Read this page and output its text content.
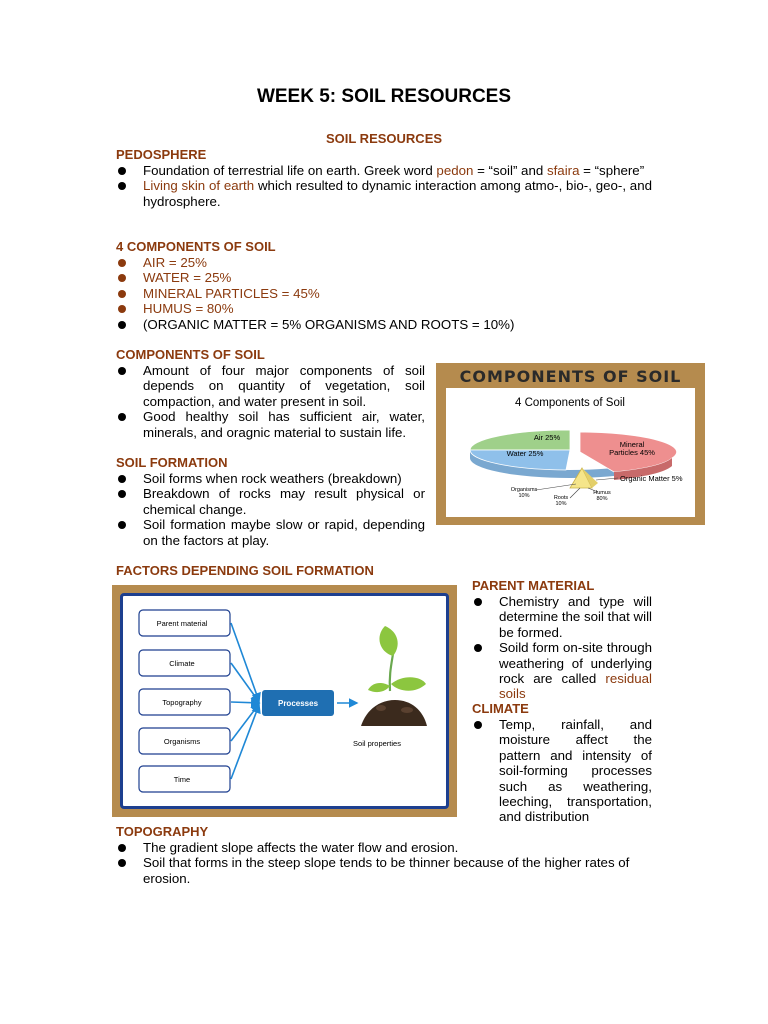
WEEK 5: SOIL RESOURCES
SOIL RESOURCES
PEDOSPHERE
Foundation of terrestrial life on earth. Greek word pedon = “soil” and sfaira = “sphere”
Living skin of earth which resulted to dynamic interaction among atmo-, bio-, geo-, and hydrosphere.
4 COMPONENTS OF SOIL
AIR = 25%
WATER = 25%
MINERAL PARTICLES = 45%
HUMUS = 80%
(ORGANIC MATTER = 5% ORGANISMS AND ROOTS = 10%)
COMPONENTS OF SOIL
Amount of four major components of soil depends on quantity of vegetation, soil compaction, and water present in soil.
Good healthy soil has sufficient air, water, minerals, and oragnic material to sustain life.
SOIL FORMATION
Soil forms when rock weathers (breakdown)
Breakdown of rocks may result physical or chemical change.
Soil formation maybe slow or rapid, depending on the factors at play.
COMPONENTS OF SOIL
4 Components of Soil
Air 25%
Water 25%
Mineral
Particles 45%
Organic Matter 5%
Organisms
10%	Roots
10%
Humus
80%
FACTORS DEPENDING SOIL FORMATION
Parent material
Climate
Topography
Organisms
Time
Processes
Soil properties
PARENT MATERIAL
Chemistry and type will determine the soil that will be formed.
Soild form on-site through weathering of underlying rock are called residual soils
CLIMATE
Temp, rainfall, and moisture affect the pattern and intensity of soil-forming processes such as weathering, leeching, transportation, and distribution
TOPOGRAPHY
The gradient slope affects the water flow and erosion.
Soil that forms in the steep slope tends to be thinner because of the higher rates of erosion.
